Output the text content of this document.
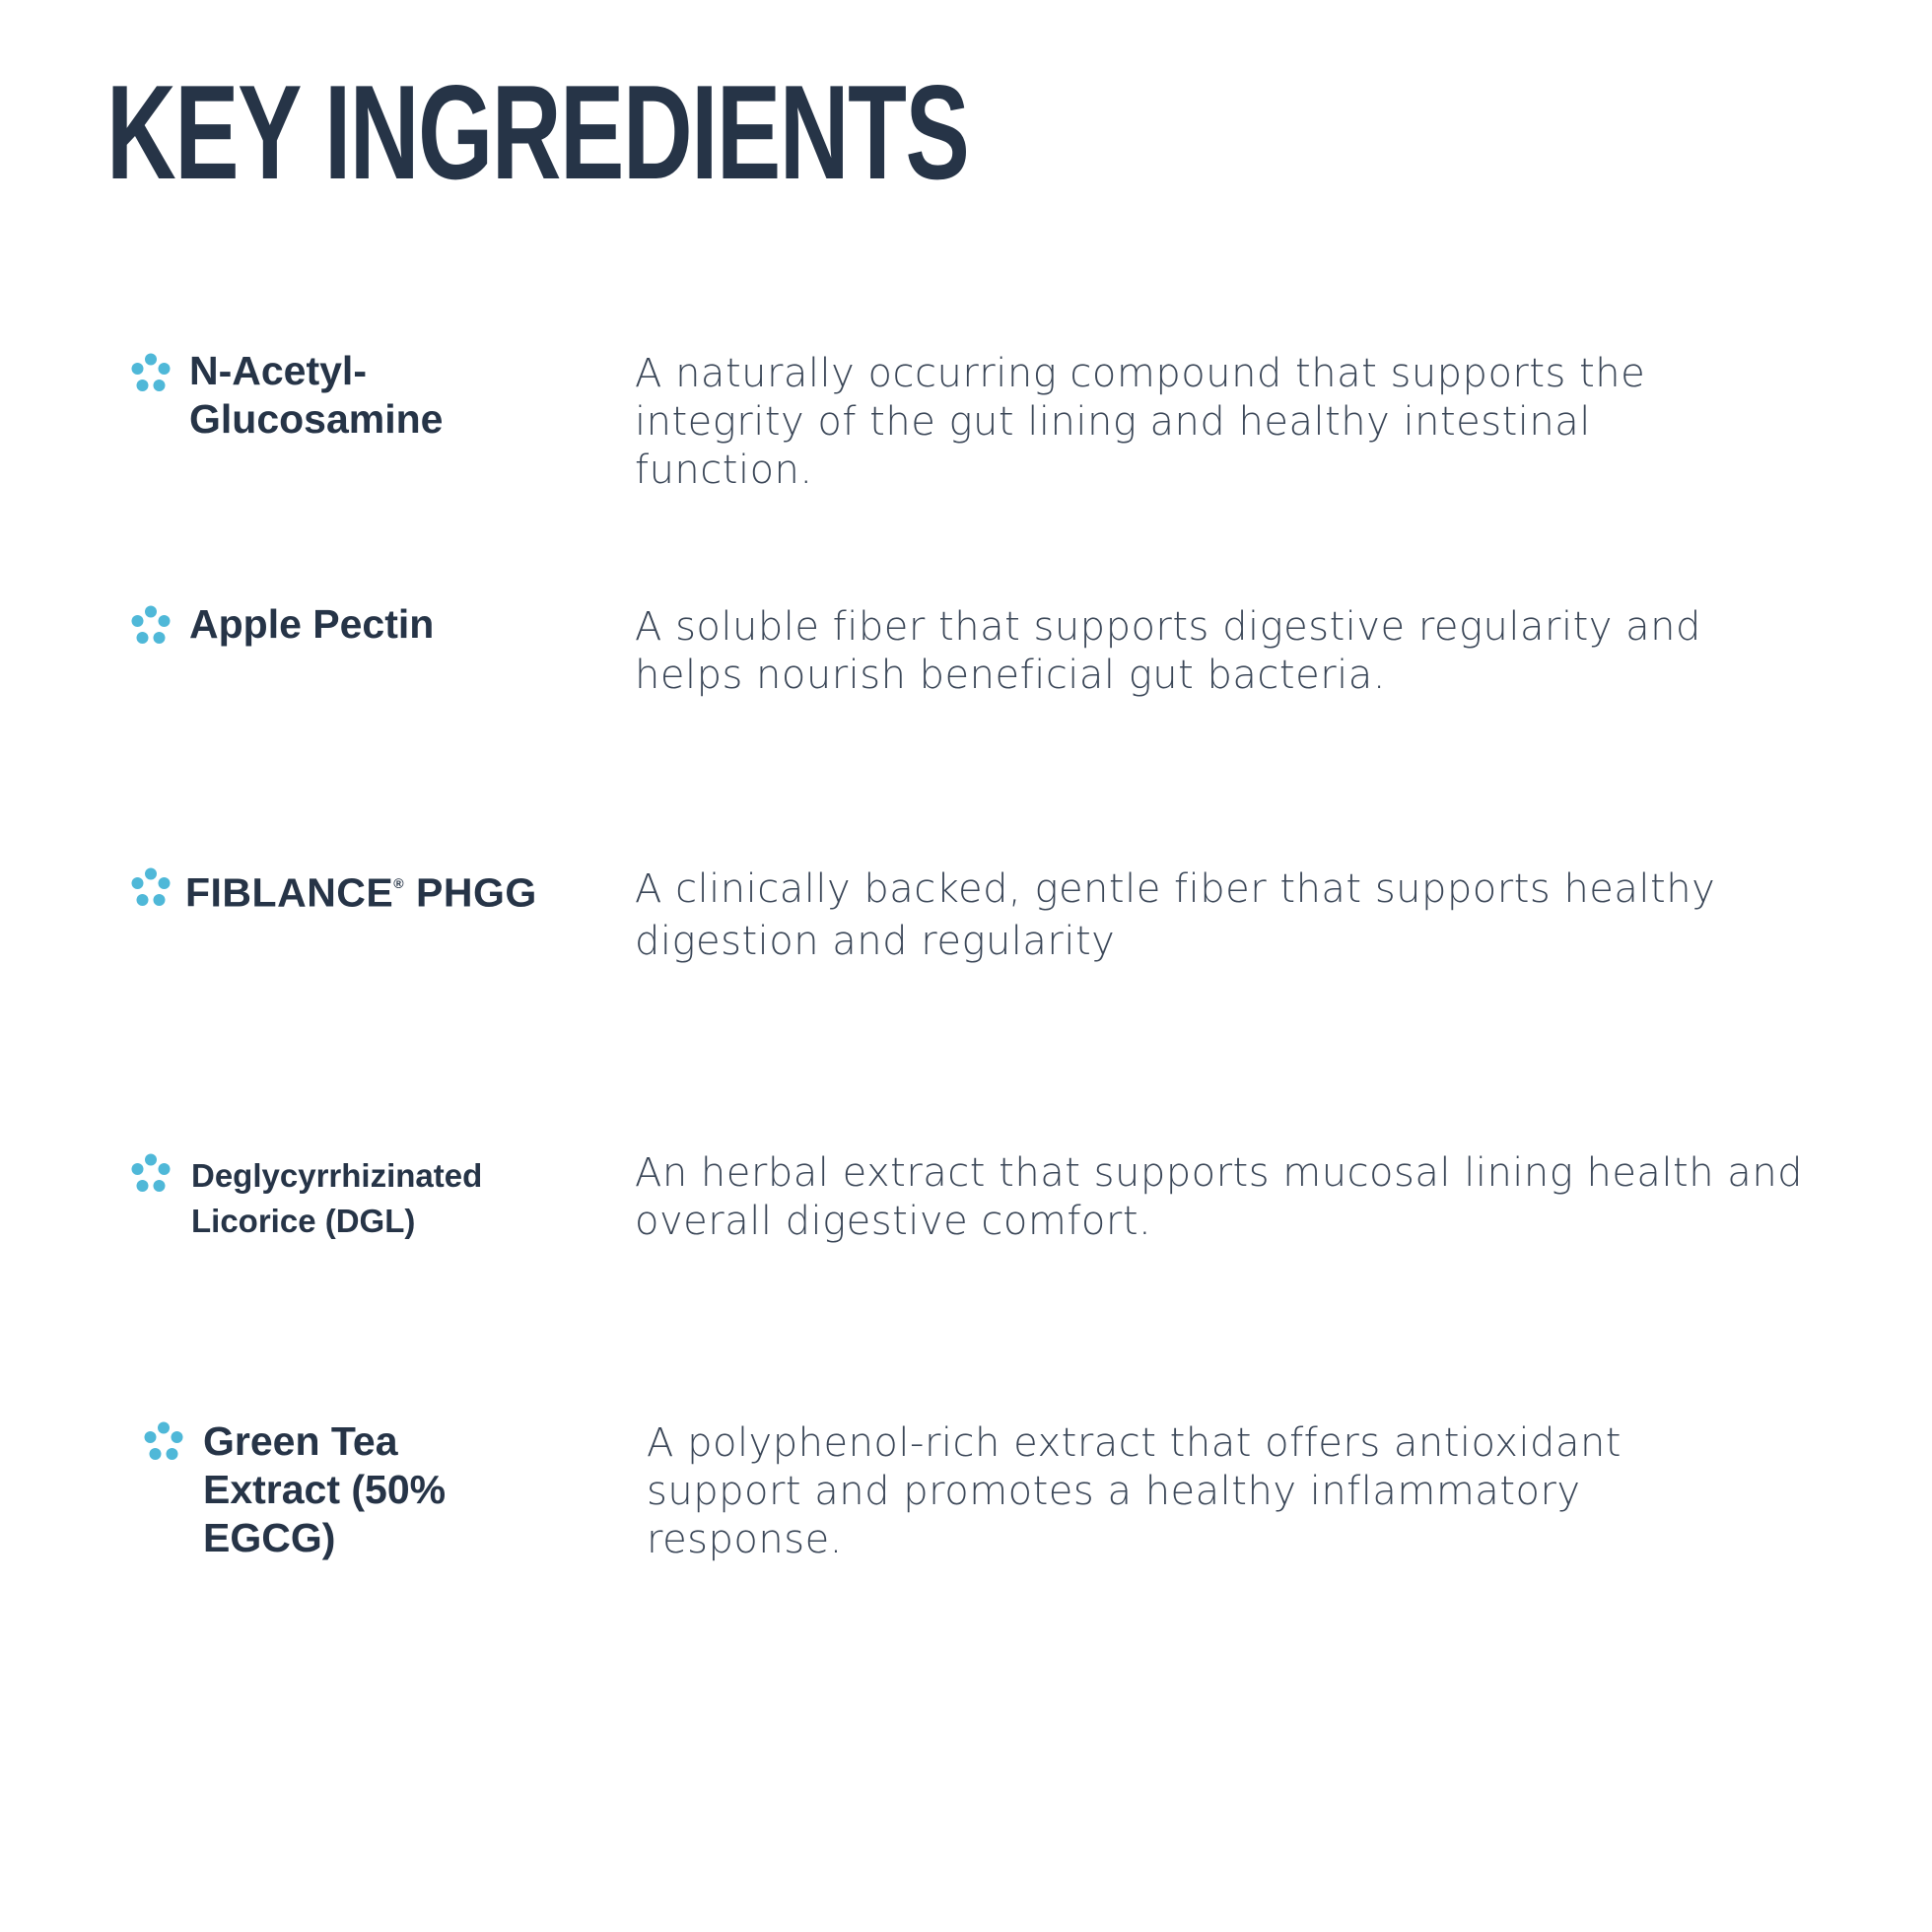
KEY INGREDIENTS
N-Acetyl-
Glucosamine

A naturally occurring compound that supports the integrity of the gut lining and healthy intestinal function.

Apple Pectin	A soluble fiber that supports digestive regularity and helps nourish beneficial gut bacteria.

FIBLANCE® PHGG A clinically backed, gentle fiber that supports healthy digestion and regularity

Deglycyrrhizinated
Licorice (DGL)

An herbal extract that supports mucosal lining health and overall digestive comfort.

Green Tea
Extract (50%
EGCG)

A polyphenol-rich extract that offers antioxidant support and promotes a healthy inflammatory response.
